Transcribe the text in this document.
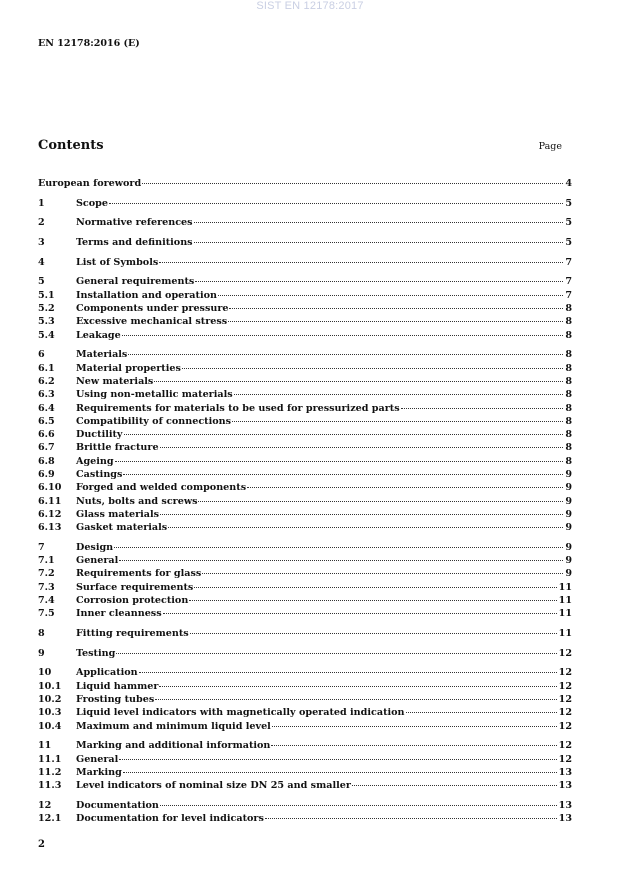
SIST EN 12178:2017
EN 12178:2016 (E)
Contents	Page
European foreword	4
1	Scope	5
2	Normative references	5
3	Terms and definitions	5
4	List of Symbols	7
5	General requirements	7
5.1	Installation and operation	7
5.2	Components under pressure	8
5.3	Excessive mechanical stress	8
5.4	Leakage	8
6	Materials	8
6.1	Material properties	8
6.2	New materials	8
6.3	Using non-metallic materials	8
6.4	Requirements for materials to be used for pressurized parts	8
6.5	Compatibility of connections	8
6.6	Ductility	8
6.7	Brittle fracture	8
6.8	Ageing	8
6.9	Castings	9
6.10	Forged and welded components	9
6.11	Nuts, bolts and screws	9
6.12	Glass materials	9
6.13	Gasket materials	9
7	Design	9
7.1	General	9
7.2	Requirements for glass	9
7.3	Surface requirements	11
7.4	Corrosion protection	11
7.5	Inner cleanness	11
8	Fitting requirements	11
9	Testing	12
10	Application	12
10.1	Liquid hammer	12
10.2	Frosting tubes	12
10.3	Liquid level indicators with magnetically operated indication	12
10.4	Maximum and minimum liquid level	12
11	Marking and additional information	12
11.1	General	12
11.2	Marking	13
11.3	Level indicators of nominal size DN 25 and smaller	13
12	Documentation	13
12.1	Documentation for level indicators	13
2
